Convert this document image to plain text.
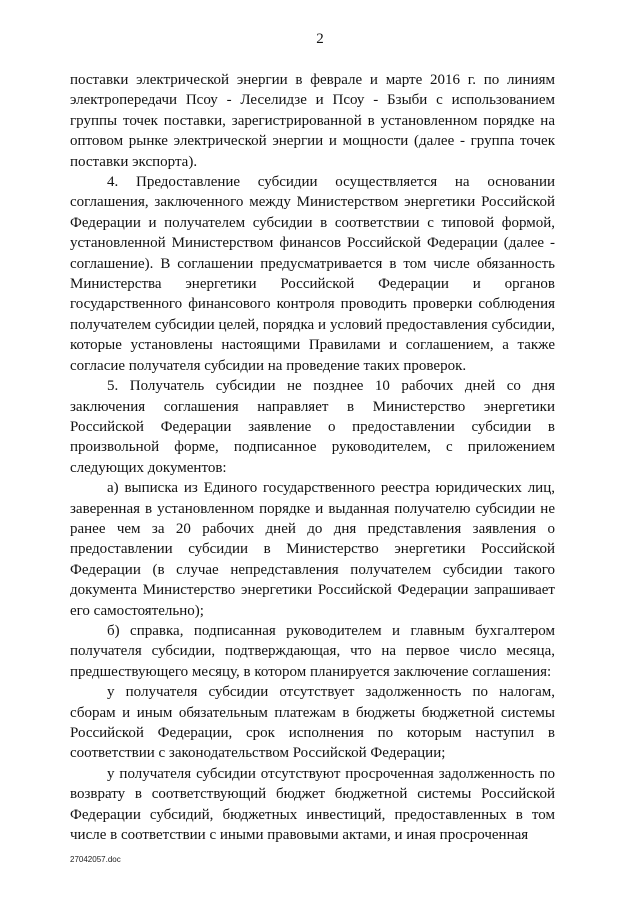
2

поставки электрической энергии в феврале и марте 2016 г. по линиям электропередачи Псоу - Леселидзе и Псоу - Бзыби с использованием группы точек поставки, зарегистрированной в установленном порядке на оптовом рынке электрической энергии и мощности (далее - группа точек поставки экспорта).

4. Предоставление субсидии осуществляется на основании соглашения, заключенного между Министерством энергетики Российской Федерации и получателем субсидии в соответствии с типовой формой, установленной Министерством финансов Российской Федерации (далее - соглашение). В соглашении предусматривается в том числе обязанность Министерства энергетики Российской Федерации и органов государственного финансового контроля проводить проверки соблюдения получателем субсидии целей, порядка и условий предоставления субсидии, которые установлены настоящими Правилами и соглашением, а также согласие получателя субсидии на проведение таких проверок.

5. Получатель субсидии не позднее 10 рабочих дней со дня заключения соглашения направляет в Министерство энергетики Российской Федерации заявление о предоставлении субсидии в произвольной форме, подписанное руководителем, с приложением следующих документов:

а) выписка из Единого государственного реестра юридических лиц, заверенная в установленном порядке и выданная получателю субсидии не ранее чем за 20 рабочих дней до дня представления заявления о предоставлении субсидии в Министерство энергетики Российской Федерации (в случае непредставления получателем субсидии такого документа Министерство энергетики Российской Федерации запрашивает его самостоятельно);

б) справка, подписанная руководителем и главным бухгалтером получателя субсидии, подтверждающая, что на первое число месяца, предшествующего месяцу, в котором планируется заключение соглашения:

у получателя субсидии отсутствует задолженность по налогам, сборам и иным обязательным платежам в бюджеты бюджетной системы Российской Федерации, срок исполнения по которым наступил в соответствии с законодательством Российской Федерации;

у получателя субсидии отсутствуют просроченная задолженность по возврату в соответствующий бюджет бюджетной системы Российской Федерации субсидий, бюджетных инвестиций, предоставленных в том числе в соответствии с иными правовыми актами, и иная просроченная

27042057.doc
